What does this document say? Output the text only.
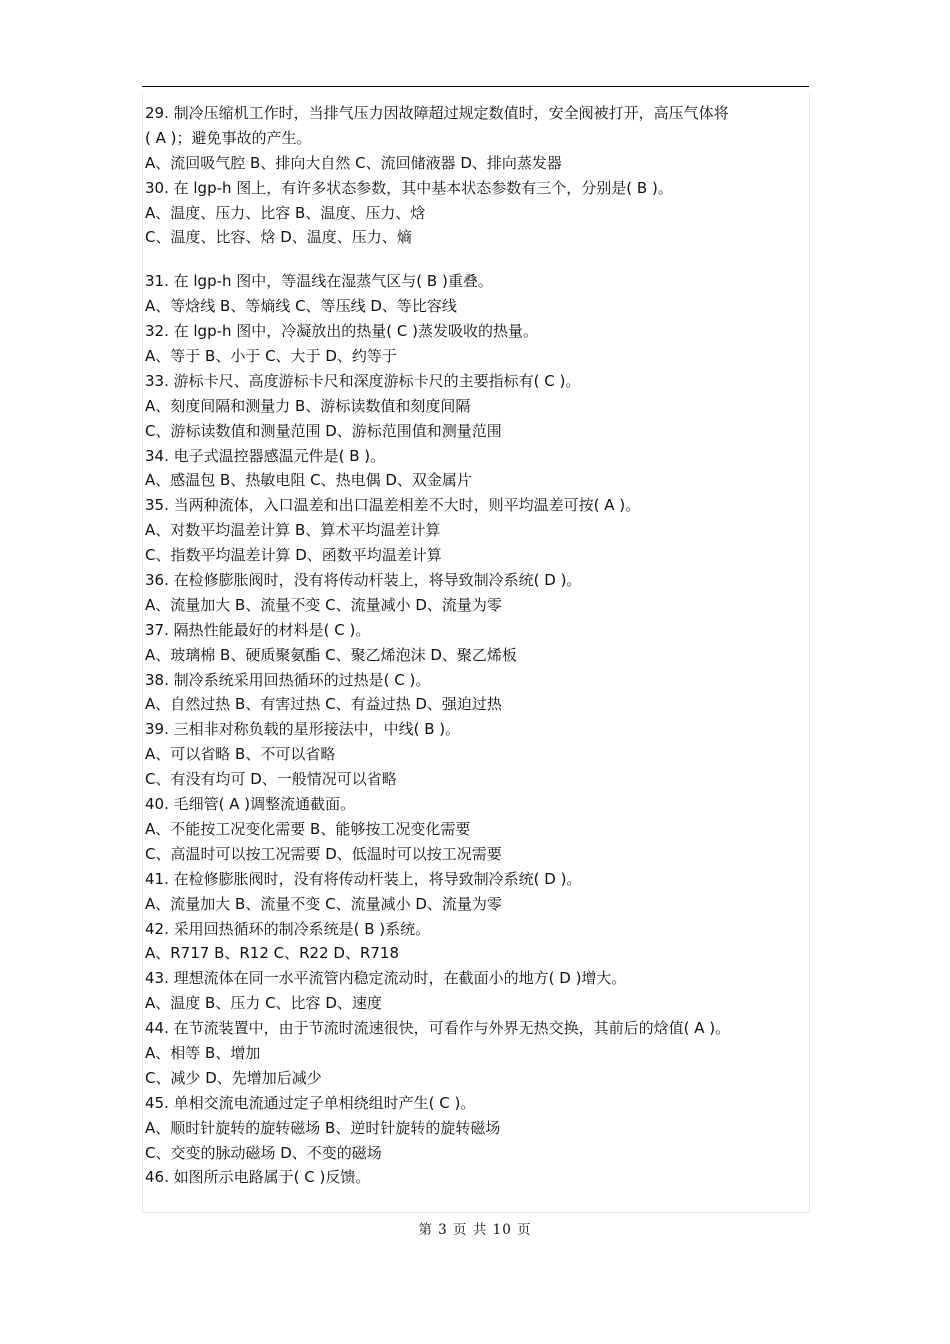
29. 制冷压缩机工作时，当排气压力因故障超过规定数值时，安全阀被打开，高压气体将
( A )；避免事故的产生。
A、流回吸气腔 B、排向大自然 C、流回储液器 D、排向蒸发器
30. 在 lgp-h 图上，有许多状态参数，其中基本状态参数有三个，分别是( B )。
A、温度、压力、比容 B、温度、压力、焓
C、温度、比容、焓 D、温度、压力、熵
31. 在 lgp-h 图中，等温线在湿蒸气区与( B )重叠。
A、等焓线 B、等熵线 C、等压线 D、等比容线
32. 在 lgp-h 图中，冷凝放出的热量( C )蒸发吸收的热量。
A、等于 B、小于 C、大于 D、约等于
33. 游标卡尺、高度游标卡尺和深度游标卡尺的主要指标有( C )。
A、刻度间隔和测量力 B、游标读数值和刻度间隔
C、游标读数值和测量范围 D、游标范围值和测量范围
34. 电子式温控器感温元件是( B )。
A、感温包 B、热敏电阻 C、热电偶 D、双金属片
35. 当两种流体，入口温差和出口温差相差不大时，则平均温差可按( A )。
A、对数平均温差计算 B、算术平均温差计算
C、指数平均温差计算 D、函数平均温差计算
36. 在检修膨胀阀时，没有将传动杆装上，将导致制冷系统( D )。
A、流量加大 B、流量不变 C、流量减小 D、流量为零
37. 隔热性能最好的材料是( C )。
A、玻璃棉 B、硬质聚氨酯 C、聚乙烯泡沫 D、聚乙烯板
38. 制冷系统采用回热循环的过热是( C )。
A、自然过热 B、有害过热 C、有益过热 D、强迫过热
39. 三相非对称负载的星形接法中，中线( B )。
A、可以省略 B、不可以省略
C、有没有均可 D、一般情况可以省略
40. 毛细管( A )调整流通截面。
A、不能按工况变化需要 B、能够按工况变化需要
C、高温时可以按工况需要 D、低温时可以按工况需要
41. 在检修膨胀阀时，没有将传动杆装上，将导致制冷系统( D )。
A、流量加大 B、流量不变 C、流量减小 D、流量为零
42. 采用回热循环的制冷系统是( B )系统。
A、R717 B、R12 C、R22 D、R718
43. 理想流体在同一水平流管内稳定流动时，在截面小的地方( D )增大。
A、温度 B、压力 C、比容 D、速度
44. 在节流装置中，由于节流时流速很快，可看作与外界无热交换，其前后的焓值( A )。
A、相等 B、增加
C、减少 D、先增加后减少
45. 单相交流电流通过定子单相绕组时产生( C )。
A、顺时针旋转的旋转磁场 B、逆时针旋转的旋转磁场
C、交变的脉动磁场 D、不变的磁场
46. 如图所示电路属于( C )反馈。
第 3 页 共 10 页
